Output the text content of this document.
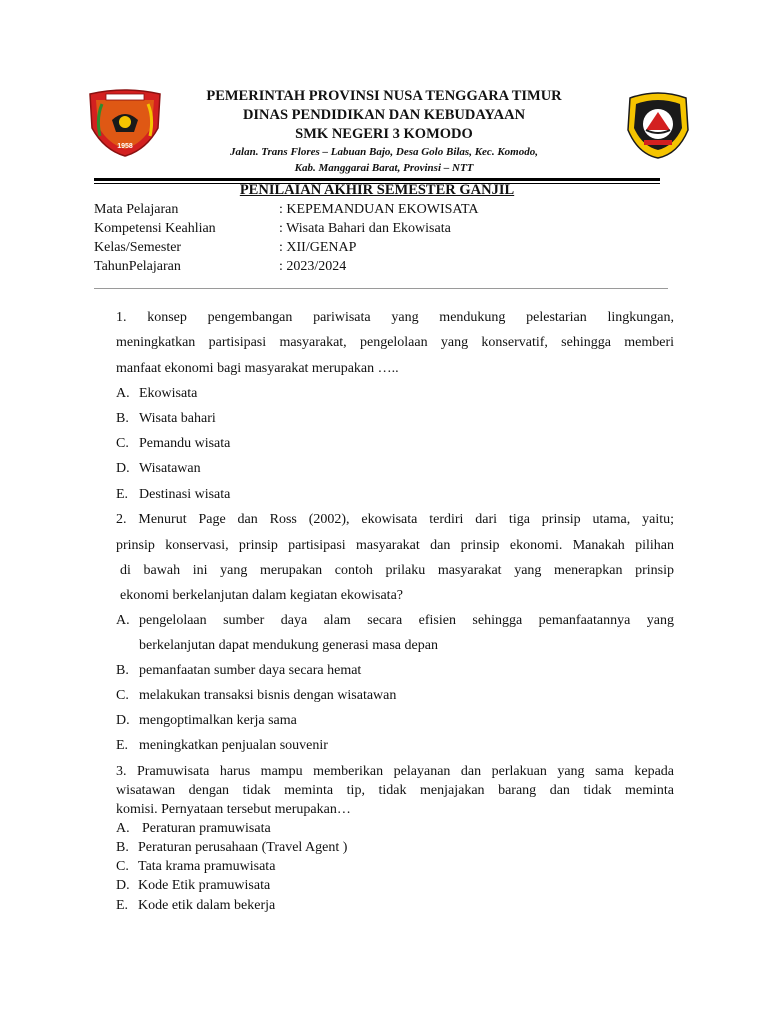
1958
PEMERINTAH PROVINSI NUSA TENGGARA TIMUR
DINAS PENDIDIKAN DAN KEBUDAYAAN
SMK NEGERI 3 KOMODO
Jalan. Trans Flores – Labuan Bajo, Desa Golo Bilas, Kec. Komodo,
Kab. Manggarai Barat, Provinsi – NTT
PENILAIAN AKHIR SEMESTER GANJIL
Mata Pelajaran	: KEPEMANDUAN EKOWISATA
Kompetensi Keahlian	: Wisata Bahari dan Ekowisata
Kelas/Semester	: XII/GENAP
TahunPelajaran	: 2023/2024
1. konsep pengembangan pariwisata yang mendukung pelestarian lingkungan,
meningkatkan partisipasi masyarakat, pengelolaan yang konservatif, sehingga memberi
manfaat ekonomi bagi masyarakat merupakan …..
A. Ekowisata
B. Wisata bahari
C. Pemandu wisata
D. Wisatawan
E. Destinasi wisata
2. Menurut Page dan Ross (2002), ekowisata terdiri dari tiga prinsip utama, yaitu;
prinsip konservasi, prinsip partisipasi masyarakat dan prinsip ekonomi. Manakah pilihan
di bawah ini yang merupakan contoh prilaku masyarakat yang menerapkan prinsip
ekonomi berkelanjutan dalam kegiatan ekowisata?
A. pengelolaan sumber daya alam secara efisien sehingga pemanfaatannya yang
berkelanjutan dapat mendukung generasi masa depan
B. pemanfaatan sumber daya secara hemat
C. melakukan transaksi bisnis dengan wisatawan
D. mengoptimalkan kerja sama
E. meningkatkan penjualan souvenir
3. Pramuwisata harus mampu memberikan pelayanan dan perlakuan yang sama kepada
wisatawan dengan tidak meminta tip, tidak menjajakan barang dan tidak meminta
komisi. Pernyataan tersebut merupakan…
A. Peraturan pramuwisata
B. Peraturan perusahaan (Travel Agent )
C. Tata krama pramuwisata
D. Kode Etik pramuwisata
E. Kode etik dalam bekerja
